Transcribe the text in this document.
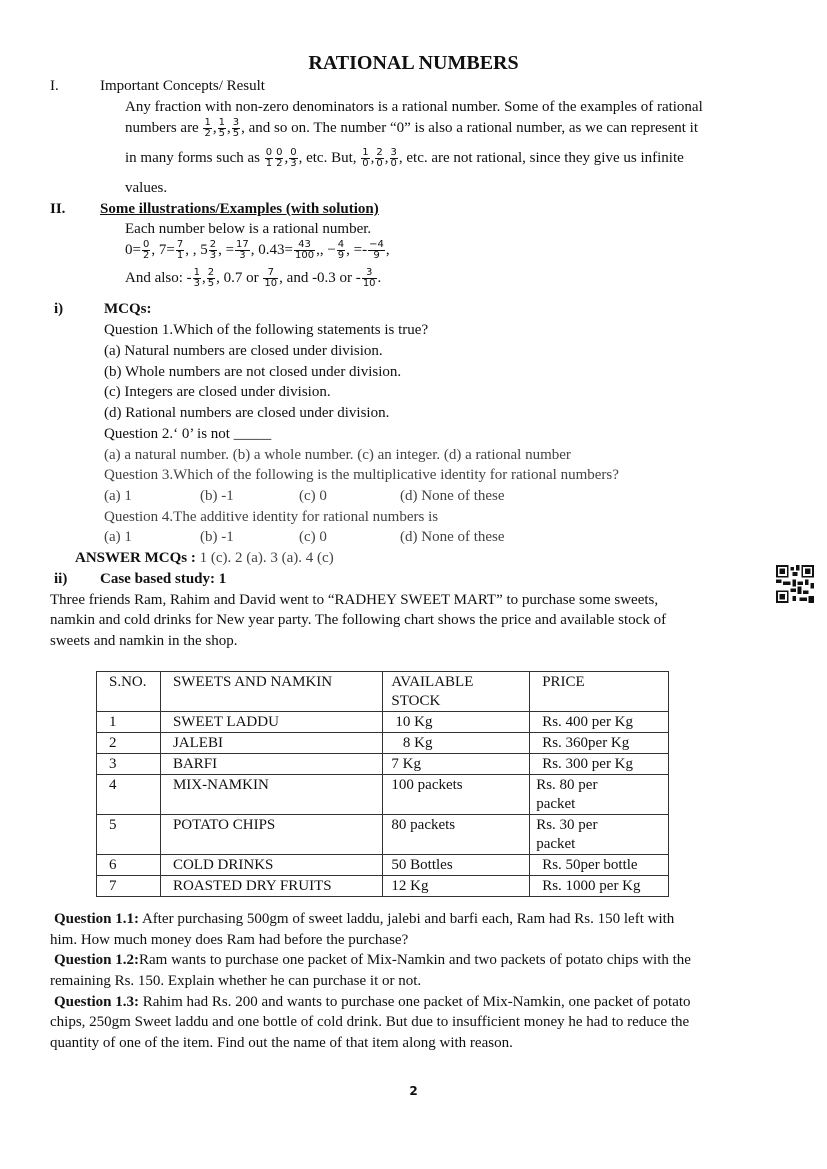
RATIONAL NUMBERS
I.	Important Concepts/ Result
Any fraction with non-zero denominators is a rational number. Some of the examples of rational
numbers are $\frac{1}{2}$ , $\frac{1}{5}$ , $\frac{3}{5}$ , and so on. The number “0” is also a rational number, as we can represent it
in many forms such as $\frac{0}{1} \frac{0}{2}$ , $\frac{0}{3}$ , etc. But, $\frac{1}{0}$ , $\frac{2}{0}$ , $\frac{3}{0}$ , etc. are not rational, since they give us infinite
values.
II. Some illustrations/Examples (with solution)
Each number below is a rational number.
$0= \frac{0}{2}$ , $7= \frac{7}{1}$ , , $5 \frac{2}{3}$ , = $\frac{17}{3}$ , $0.43= \frac{43}{100}$ ,, − $\frac{4}{9}$ , =- $\frac{-4}{9}$ ,
And also: - $\frac{1}{3}$ , $\frac{2}{5}$ , 0.7 or $\frac{7}{10}$ , and -0.3 or - $\frac{3}{10}$ .
i)	MCQs:
Question 1.Which of the following statements is true?
(a) Natural numbers are closed under division.
(b) Whole numbers are not closed under division.
(c) Integers are closed under division.
(d) Rational numbers are closed under division.
Question 2.‘ 0’ is not _____
(a) a natural number. (b) a whole number. (c) an integer. (d) a rational number
Question 3.Which of the following is the multiplicative identity for rational numbers?
(a) 1	(b) -1	(c) 0	(d) None of these
Question 4.The additive identity for rational numbers is
(a) 1	(b) -1	(c) 0	(d) None of these
ANSWER MCQs : 1 (c). 2 (a). 3 (a). 4 (c)
ii) Case based study: 1
Three friends Ram, Rahim and David went to “RADHEY SWEET MART” to purchase some sweets,
namkin and cold drinks for New year party. The following chart shows the price and available stock of
sweets and namkin in the shop.
S.NO.	SWEETS AND NAMKIN	AVAILABLE STOCK	PRICE
1	SWEET LADDU	10 Kg	Rs. 400 per Kg
2	JALEBI	8 Kg	Rs. 360per Kg
3	BARFI	7 Kg	Rs. 300 per Kg
4	MIX-NAMKIN	100 packets	Rs. 80 per packet
5	POTATO CHIPS	80 packets	Rs. 30 per packet
6	COLD DRINKS	50 Bottles	Rs. 50per bottle
7	ROASTED DRY FRUITS	12 Kg	Rs. 1000 per Kg
Question 1.1: After purchasing 500gm of sweet laddu, jalebi and barfi each, Ram had Rs. 150 left with
him. How much money does Ram had before the purchase?
Question 1.2:Ram wants to purchase one packet of Mix-Namkin and two packets of potato chips with the
remaining Rs. 150. Explain whether he can purchase it or not.
Question 1.3: Rahim had Rs. 200 and wants to purchase one packet of Mix-Namkin, one packet of potato
chips, 250gm Sweet laddu and one bottle of cold drink. But due to insufficient money he had to reduce the
quantity of one of the item. Find out the name of that item along with reason.
2
